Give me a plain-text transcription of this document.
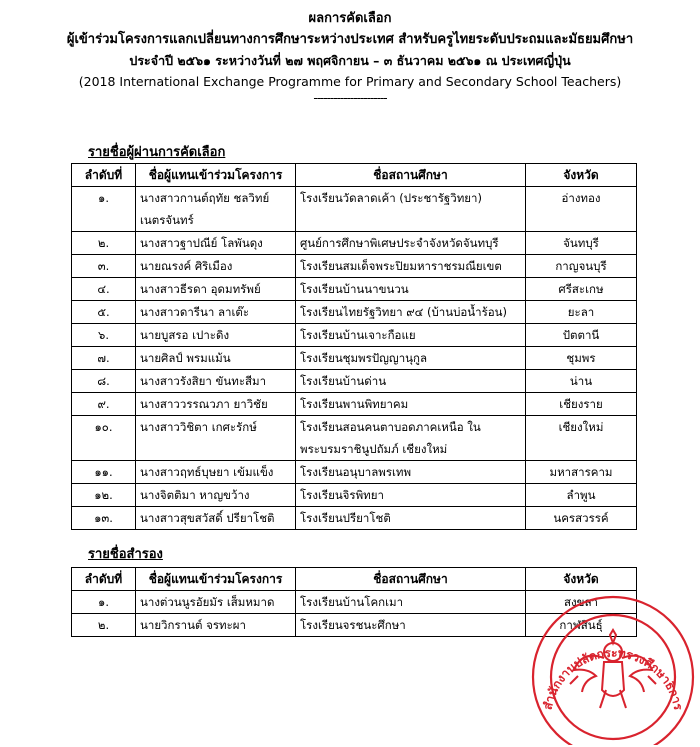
ผลการคัดเลือก
ผู้เข้าร่วมโครงการแลกเปลี่ยนทางการศึกษาระหว่างประเทศ สำหรับครูไทยระดับประถมและมัธยมศึกษา
ประจำปี ๒๕๖๑ ระหว่างวันที่ ๒๗ พฤศจิกายน – ๓ ธันวาคม ๒๕๖๑ ณ ประเทศญี่ปุ่น
(2018 International Exchange Programme for Primary and Secondary School Teachers)
----------------------
รายชื่อผู้ผ่านการคัดเลือก
ลำดับที่	ชื่อผู้แทนเข้าร่วมโครงการ	ชื่อสถานศึกษา	จังหวัด
๑.	นางสาวกานต์ฤทัย ชลวิทย์เนตรจันทร์	โรงเรียนวัดลาดเค้า (ประชารัฐวิทยา)	อ่างทอง
๒.	นางสาวฐาปณีย์ โลพันดุง	ศูนย์การศึกษาพิเศษประจำจังหวัดจันทบุรี	จันทบุรี
๓.	นายณรงค์ ศิริเมือง	โรงเรียนสมเด็จพระปิยมหาราชรมณียเขต	กาญจนบุรี
๔.	นางสาวธีรดา อุดมทรัพย์	โรงเรียนบ้านนาขนวน	ศรีสะเกษ
๕.	นางสาวดารีนา ลาเต๊ะ	โรงเรียนไทยรัฐวิทยา ๙๔ (บ้านบ่อน้ำร้อน)	ยะลา
๖.	นายบูสรอ เปาะดิง	โรงเรียนบ้านเจาะกือแย	ปัตตานี
๗.	นายศิลป์ พรมแม้น	โรงเรียนชุมพรปัญญานุกูล	ชุมพร
๘.	นางสาวรังสิยา ขันทะสีมา	โรงเรียนบ้านด่าน	น่าน
๙.	นางสาววรรณวภา ยาวิชัย	โรงเรียนพานพิทยาคม	เชียงราย
๑๐.	นางสาววิชิตา เกศะรักษ์	โรงเรียนสอนคนตาบอดภาคเหนือ ในพระบรมราชินูปถัมภ์ เชียงใหม่	เชียงใหม่
๑๑.	นางสาวฤทธ์บุษยา เข้มแข็ง	โรงเรียนอนุบาลพรเทพ	มหาสารคาม
๑๒.	นางจิตติมา หาญขว้าง	โรงเรียนจิรพิทยา	ลำพูน
๑๓.	นางสาวสุขสวัสดิ์ ปรียาโชติ	โรงเรียนปรียาโชติ	นครสวรรค์
รายชื่อสำรอง
ลำดับที่	ชื่อผู้แทนเข้าร่วมโครงการ	ชื่อสถานศึกษา	จังหวัด
๑.	นางต่วนนูรอัยมัร เส็มหมาด	โรงเรียนบ้านโคกเมา	สงขลา
๒.	นายวิกรานต์ จรทะผา	โรงเรียนจรชนะศึกษา	กาฬสินธุ์
สำนักงานปลัดกระทรวงศึกษาธิการ
